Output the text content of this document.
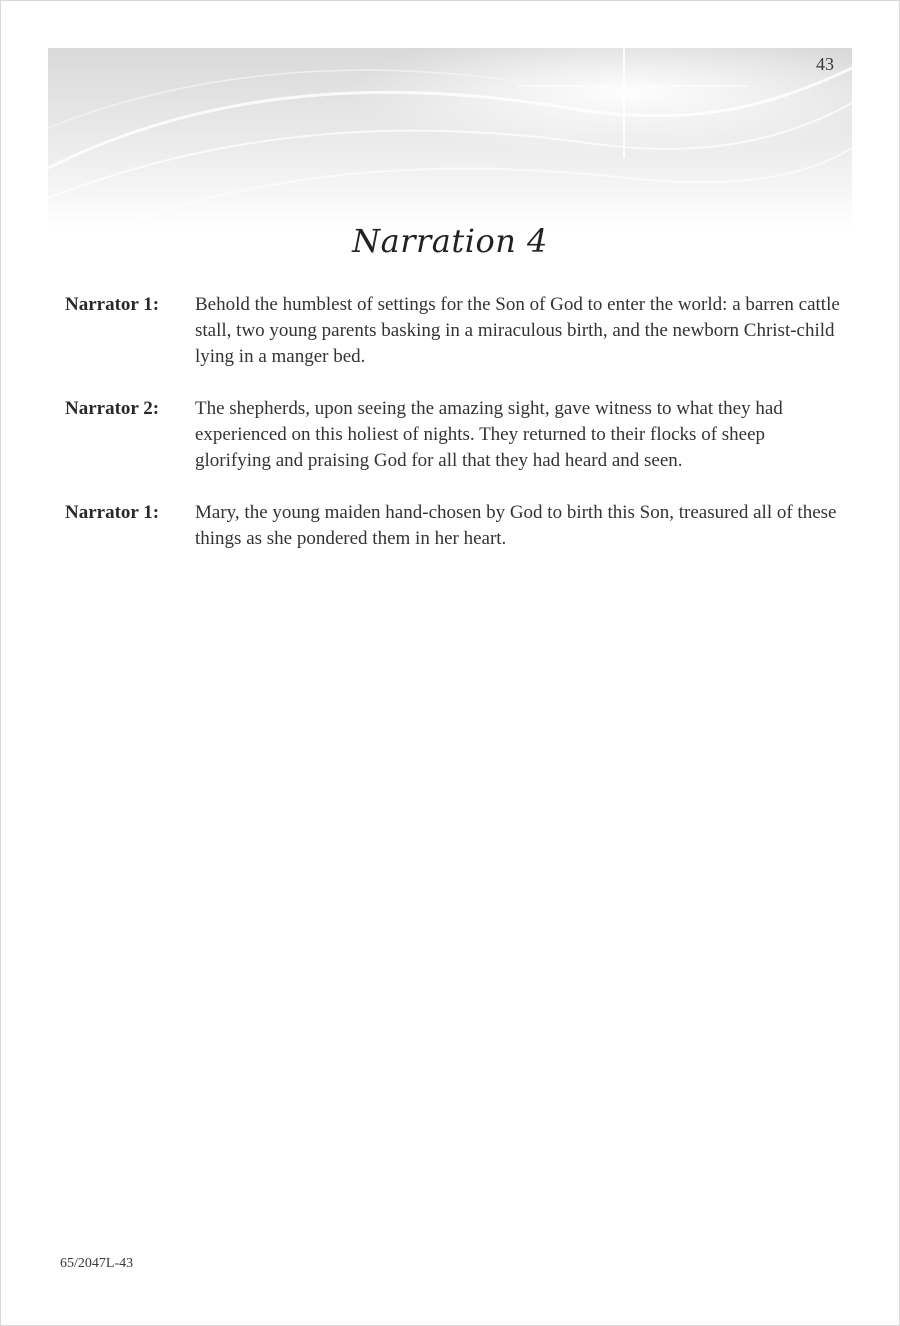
43
Narration 4
Narrator 1:	Behold the humblest of settings for the Son of God to enter the world: a barren cattle stall, two young parents basking in a miraculous birth, and the newborn Christ-child lying in a manger bed.
Narrator 2:	The shepherds, upon seeing the amazing sight, gave witness to what they had experienced on this holiest of nights. They returned to their flocks of sheep glorifying and praising God for all that they had heard and seen.
Narrator 1:	Mary, the young maiden hand-chosen by God to birth this Son, treasured all of these things as she pondered them in her heart.
65/2047L-43
